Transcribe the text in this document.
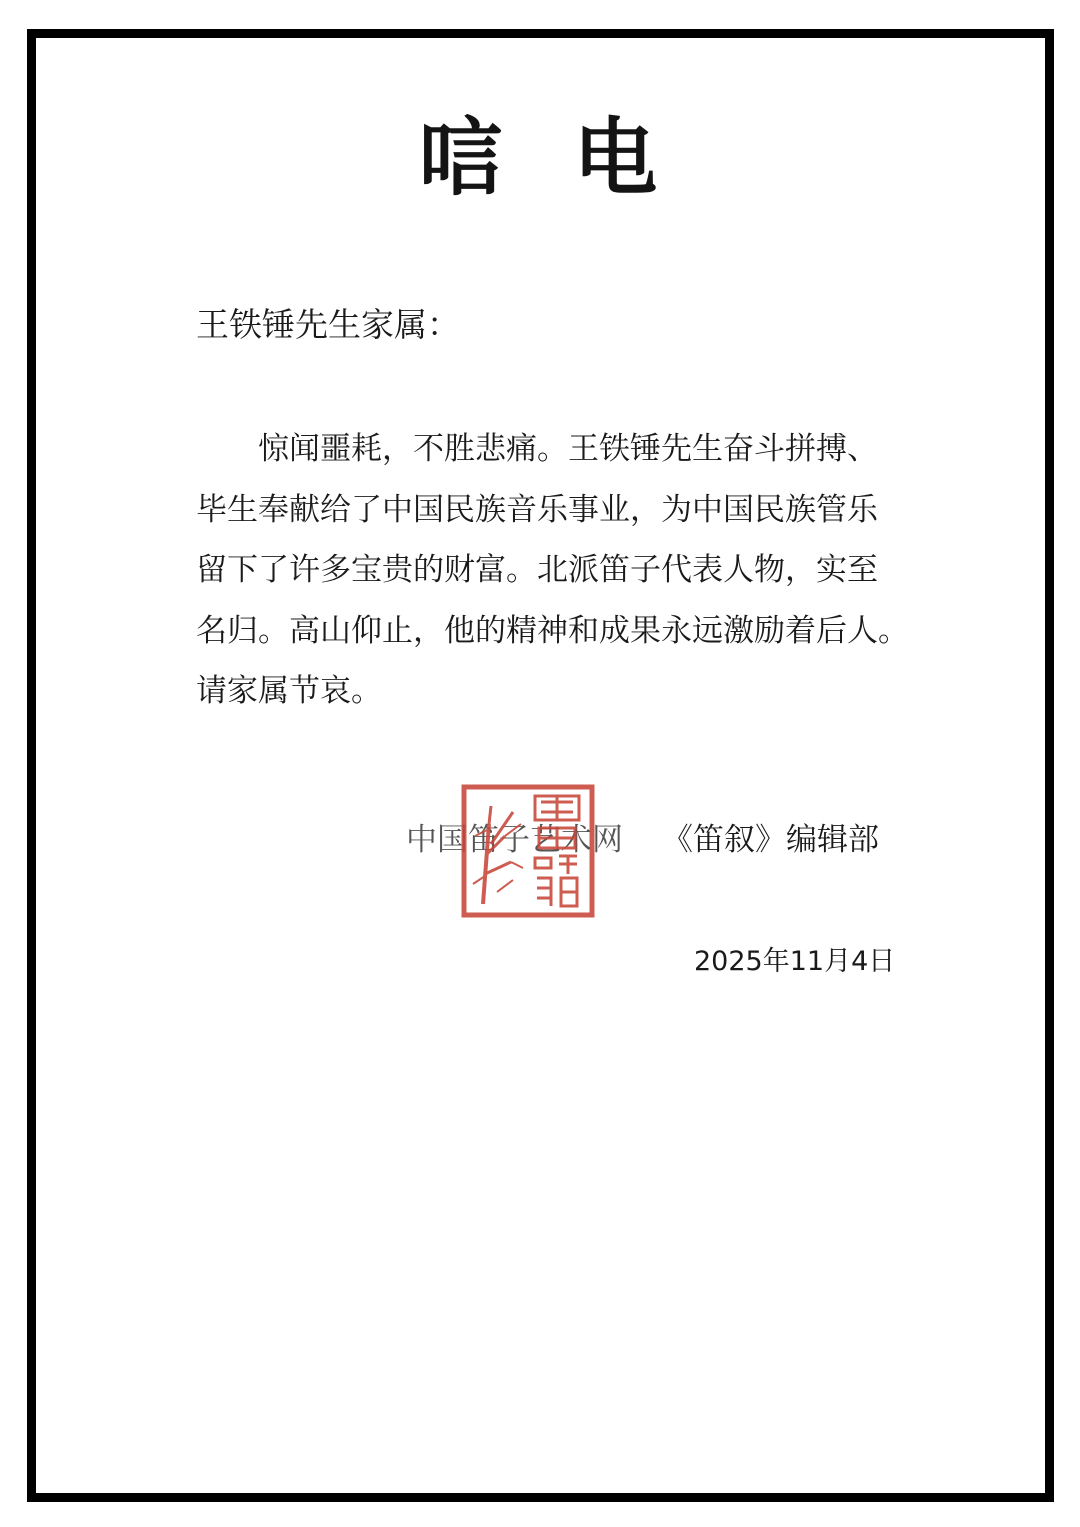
唁  电
王铁锤先生家属：
　　惊闻噩耗，不胜悲痛。王铁锤先生奋斗拼搏、
毕生奉献给了中国民族音乐事业，为中国民族管乐
留下了许多宝贵的财富。北派笛子代表人物，实至
名归。高山仰止，他的精神和成果永远激励着后人。
请家属节哀。
中国笛子艺术网 《笛叙》编辑部
2025年11月4日
